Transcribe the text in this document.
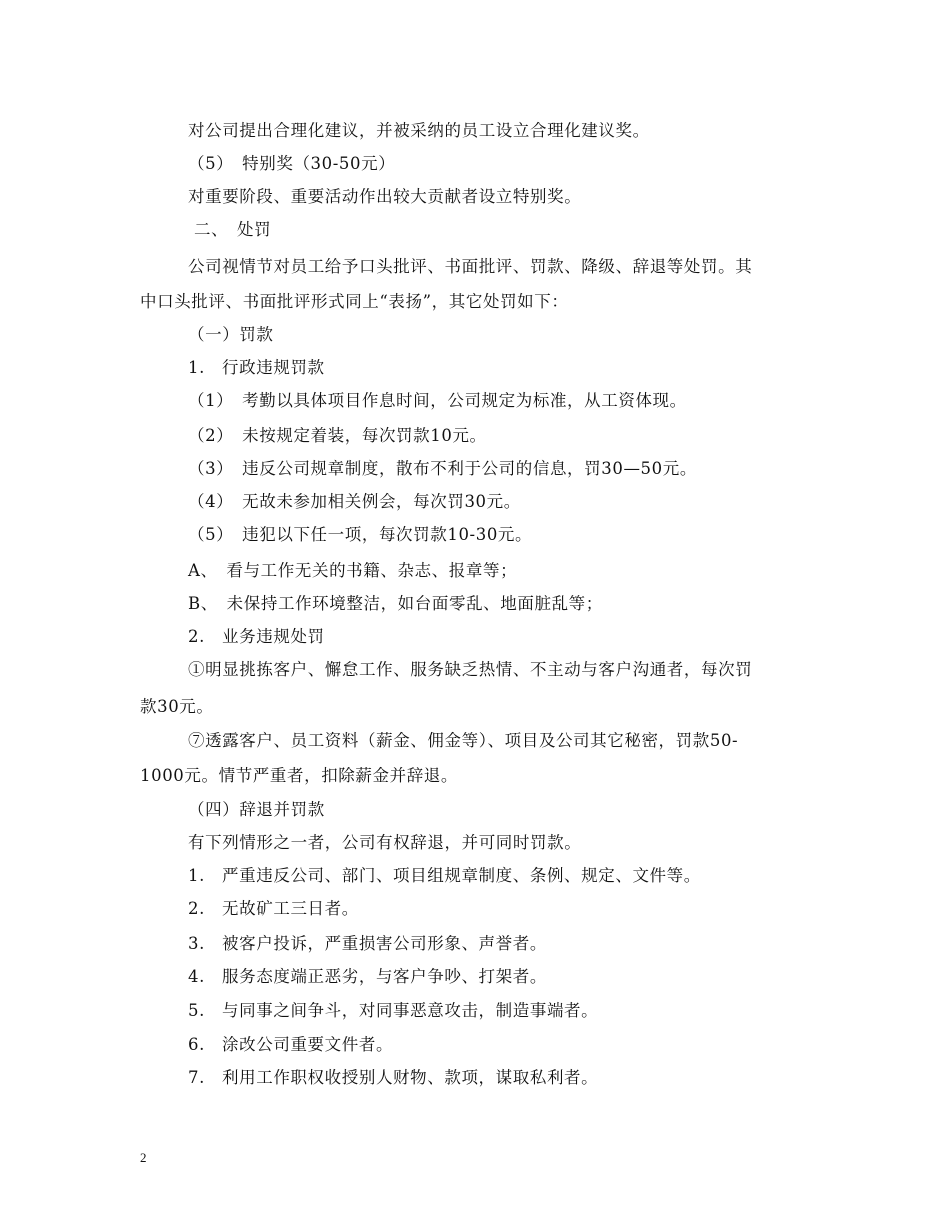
对公司提出合理化建议，并被采纳的员工设立合理化建议奖。
（5）　特别奖（30-50元）
对重要阶段、重要活动作出较大贡献者设立特别奖。
二、　处罚
公司视情节对员工给予口头批评、书面批评、罚款、降级、辞退等处罚。其
中口头批评、书面批评形式同上“表扬”，其它处罚如下：
（一）罚款
1.　行政违规罚款
（1）　考勤以具体项目作息时间，公司规定为标准，从工资体现。
（2）　未按规定着装，每次罚款10元。
（3）　违反公司规章制度，散布不利于公司的信息，罚30—50元。
（4）　无故未参加相关例会，每次罚30元。
（5）　违犯以下任一项，每次罚款10-30元。
A、　看与工作无关的书籍、杂志、报章等；
B、　未保持工作环境整洁，如台面零乱、地面脏乱等；
2.　业务违规处罚
①明显挑拣客户、懈怠工作、服务缺乏热情、不主动与客户沟通者，每次罚
款30元。
⑦透露客户、员工资料（薪金、佣金等）、项目及公司其它秘密，罚款50-
1000元。情节严重者，扣除薪金并辞退。
（四）辞退并罚款
有下列情形之一者，公司有权辞退，并可同时罚款。
1.　严重违反公司、部门、项目组规章制度、条例、规定、文件等。
2.　无故矿工三日者。
3.　被客户投诉，严重损害公司形象、声誉者。
4.　服务态度端正恶劣，与客户争吵、打架者。
5.　与同事之间争斗，对同事恶意攻击，制造事端者。
6.　涂改公司重要文件者。
7.　利用工作职权收授别人财物、款项，谋取私利者。
2
